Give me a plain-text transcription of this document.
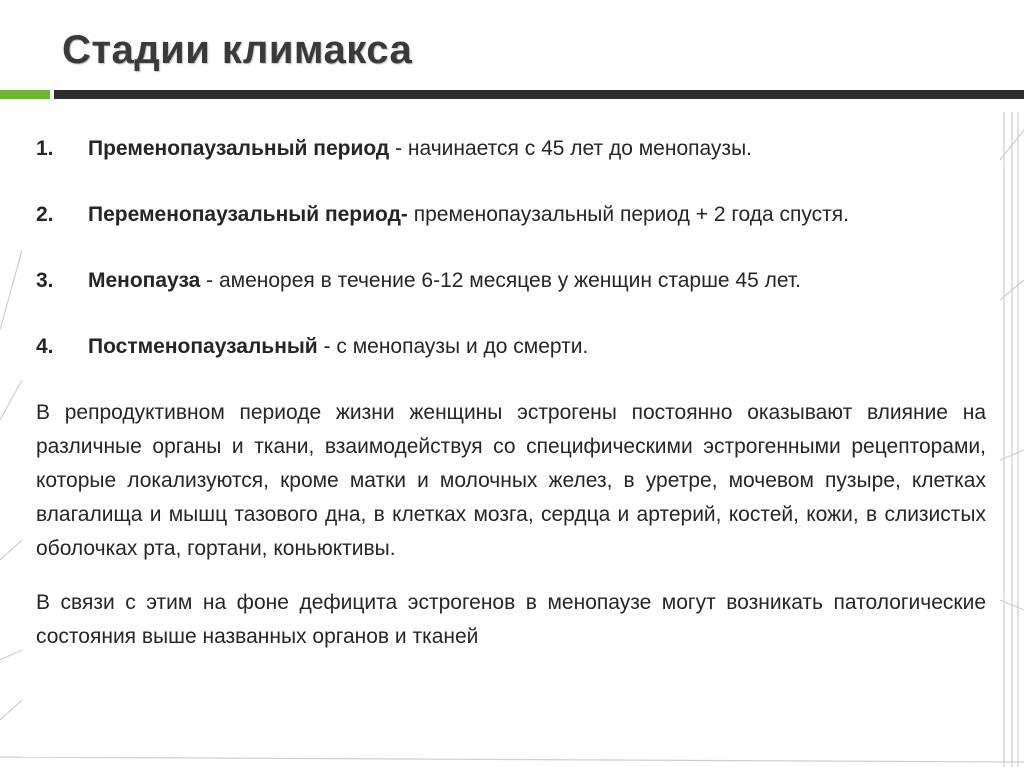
Стадии климакса
1.	Пременопаузальный период - начинается с 45 лет до менопаузы.
2.	Переменопаузальный период- пременопаузальный период + 2 года спустя.
3.	Менопауза - аменорея в течение 6-12 месяцев у женщин старше 45 лет.
4.	Постменопаузальный - с менопаузы и до смерти.

В репродуктивном периоде жизни женщины эстрогены постоянно оказывают влияние на различные органы и ткани, взаимодействуя со специфическими эстрогенными рецепторами, которые локализуются, кроме матки и молочных желез, в уретре, мочевом пузыре, клетках влагалища и мышц тазового дна, в клетках мозга, сердца и артерий, костей, кожи, в слизистых оболочках рта, гортани, коньюктивы.

В связи с этим на фоне дефицита эстрогенов в менопаузе могут возникать патологические состояния выше названных органов и тканей
